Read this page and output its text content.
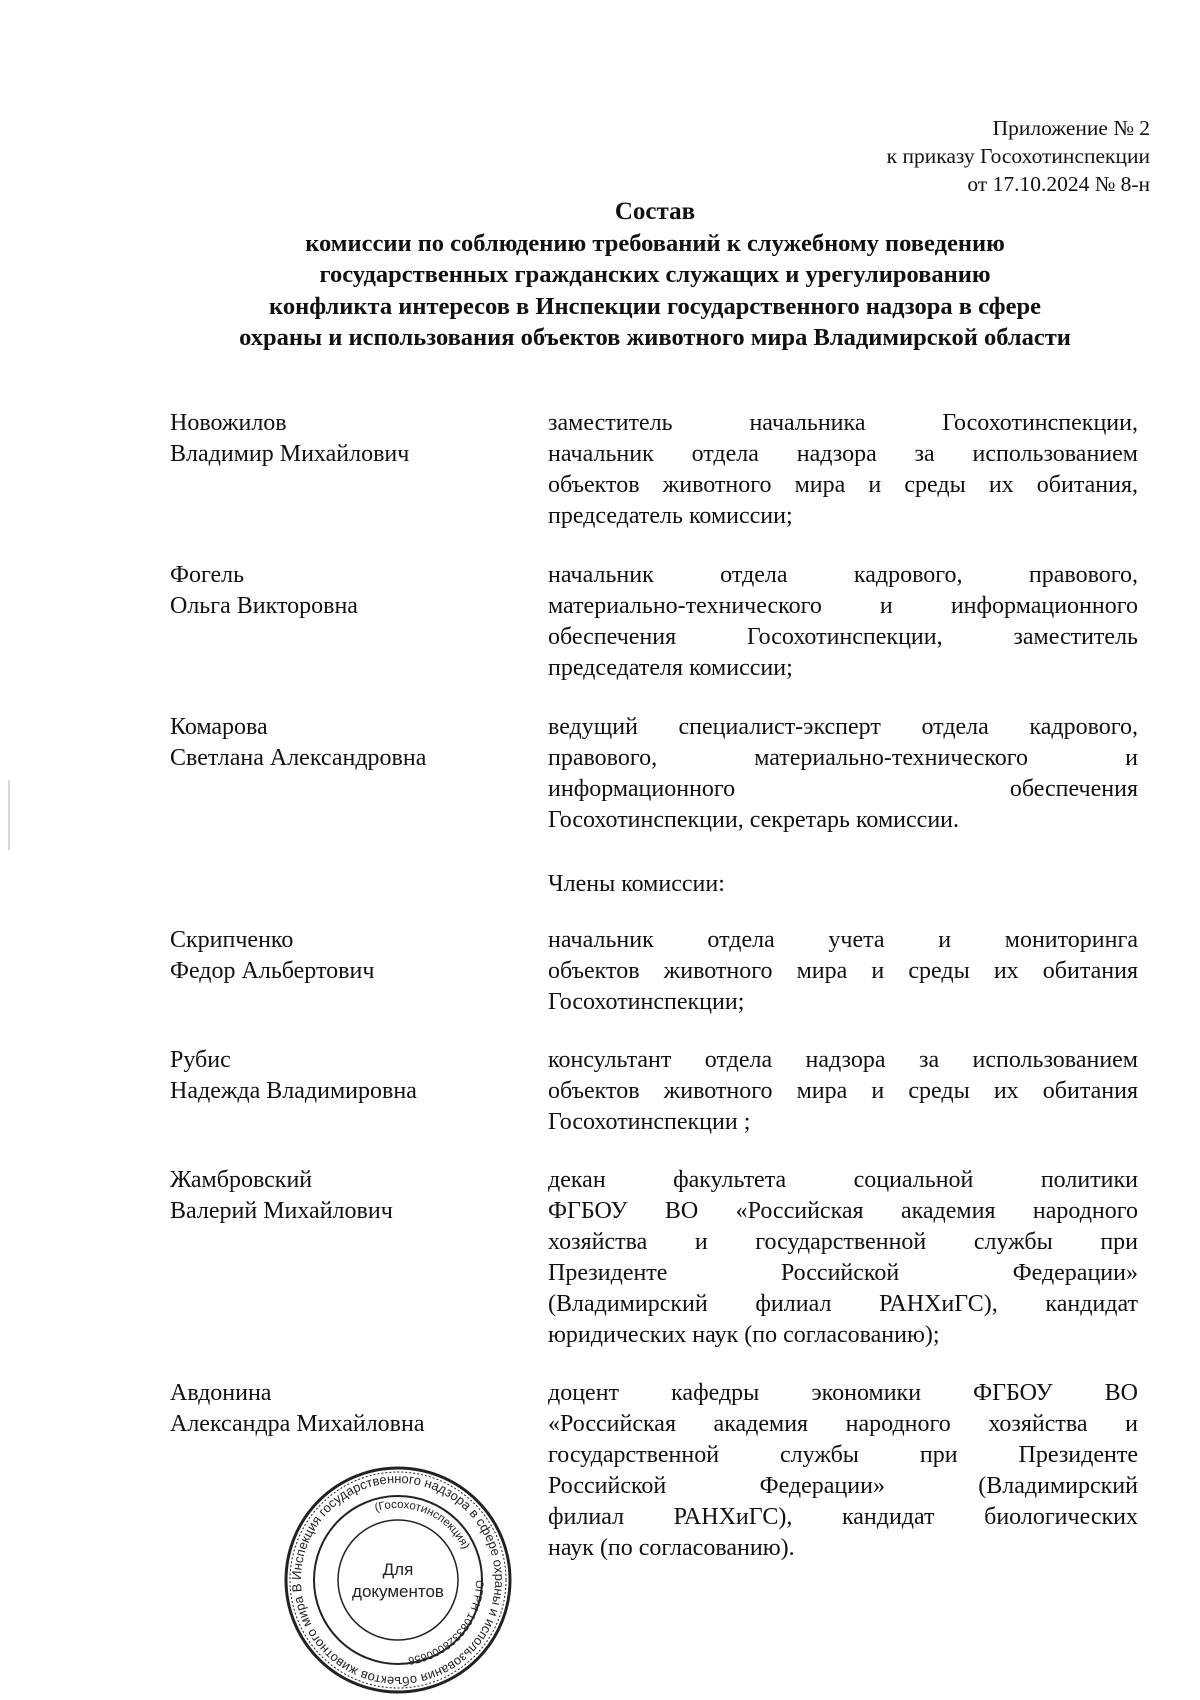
Приложение № 2
к приказу Госохотинспекции
от 17.10.2024 № 8-н
Состав
комиссии по соблюдению требований к служебному поведению
государственных гражданских служащих и урегулированию
конфликта интересов в Инспекции государственного надзора в сфере
охраны и использования объектов животного мира Владимирской области
Новожилов
Владимир Михайлович
заместитель начальника Госохотинспекции,
начальник отдела надзора за использованием
объектов животного мира и среды их обитания,
председатель комиссии;
Фогель
Ольга Викторовна
начальник отдела кадрового, правового,
материально-технического и информационного
обеспечения Госохотинспекции, заместитель
председателя комиссии;
Комарова
Светлана Александровна
ведущий специалист-эксперт отдела кадрового,
правового, материально-технического и
информационного обеспечения
Госохотинспекции, секретарь комиссии.
Члены комиссии:
Скрипченко
Федор Альбертович
начальник отдела учета и мониторинга
объектов животного мира и среды их обитания
Госохотинспекции;
Рубис
Надежда Владимировна
консультант отдела надзора за использованием
объектов животного мира и среды их обитания
Госохотинспекции ;
Жамбровский
Валерий Михайлович
декан факультета социальной политики
ФГБОУ ВО «Российская академия народного
хозяйства и государственной службы при
Президенте Российской Федерации»
(Владимирский филиал РАНХиГС), кандидат
юридических наук (по согласованию);
Авдонина
Александра Михайловна
доцент кафедры экономики ФГБОУ ВО
«Российская академия народного хозяйства и
государственной службы при Президенте
Российской Федерации» (Владимирский
филиал РАНХиГС), кандидат биологических
наук (по согласованию).
Инспекция государственного надзора в сфере охраны и использования объектов животного мира В
(Госохотинспекция)
ОГРН 1083328000656
Для
документов
